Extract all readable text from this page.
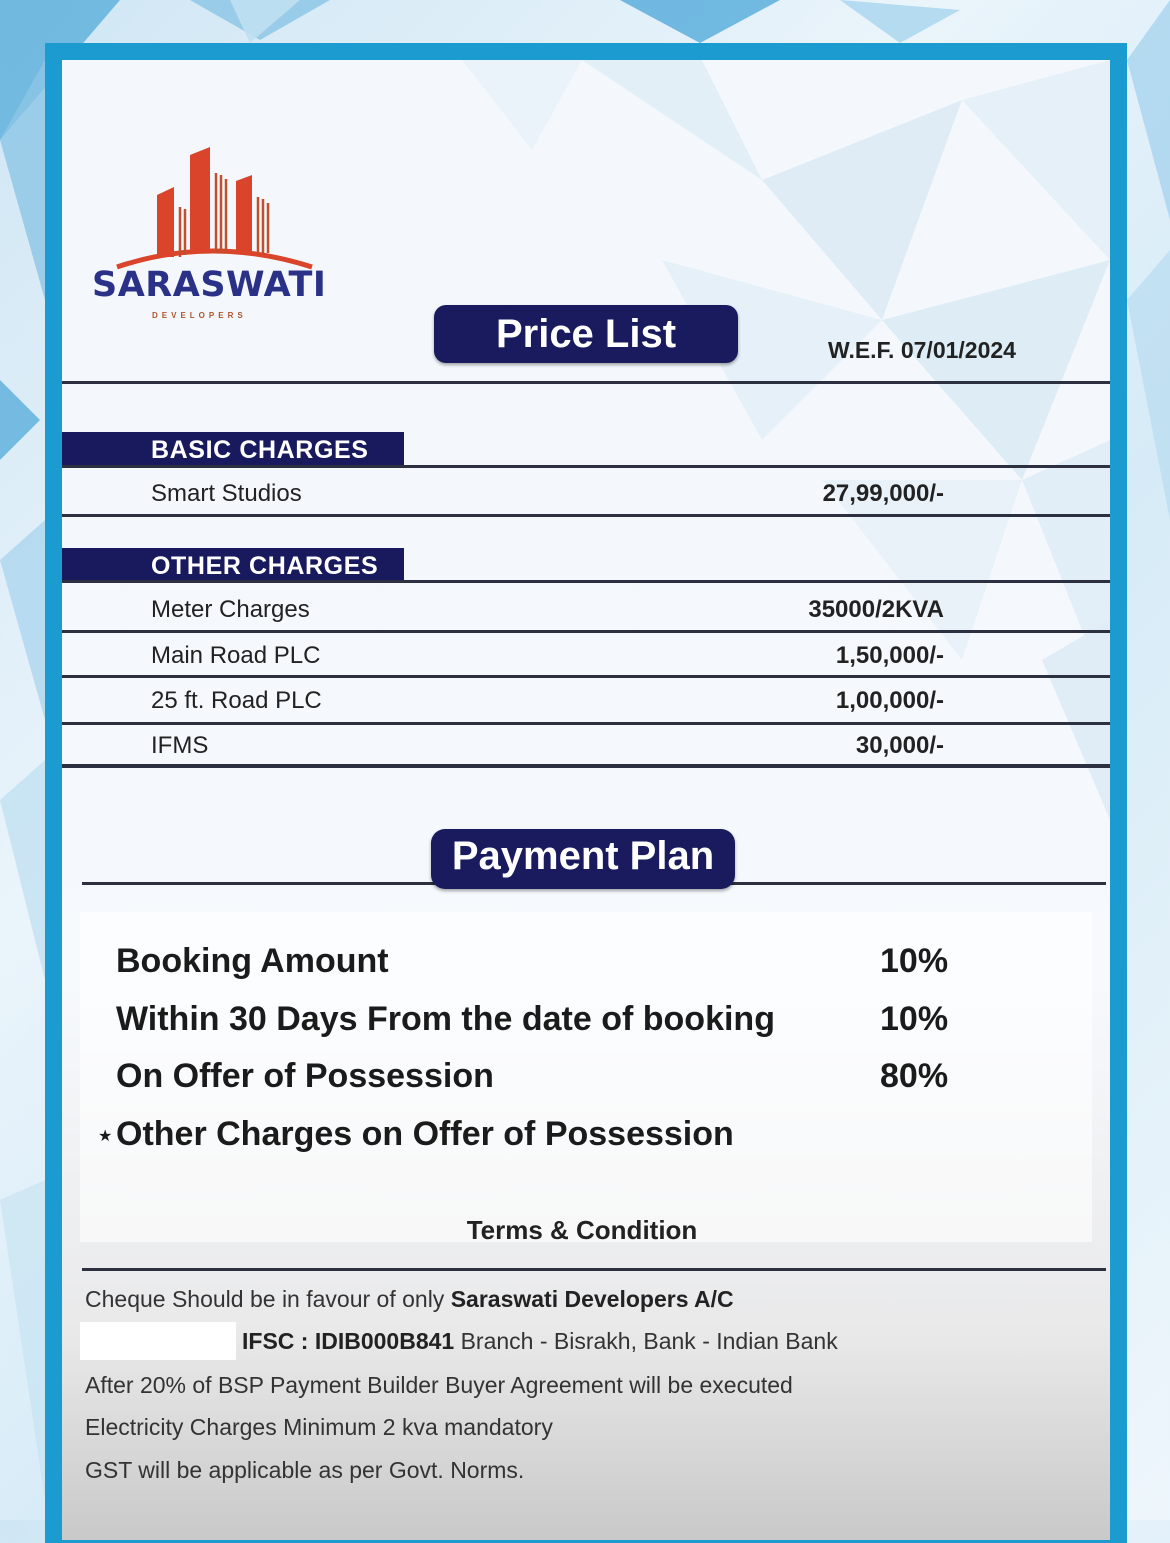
SARASWATI
DEVELOPERS	Price List	W.E.F. 07/01/2024
BASIC CHARGES
Smart Studios	27,99,000/-
OTHER CHARGES
Meter Charges	35000/2KVA
Main Road PLC	1,50,000/-
25 ft. Road PLC	1,00,000/-
IFMS	30,000/-
Payment Plan
Booking Amount	10%
Within 30 Days From the date of booking	10%
On Offer of Possession	80%
★ Other Charges on Offer of Possession
Terms & Condition
Cheque Should be in favour of only Saraswati Developers A/C
IFSC : IDIB000B841 Branch - Bisrakh, Bank - Indian Bank
After 20% of BSP Payment Builder Buyer Agreement will be executed
Electricity Charges Minimum 2 kva mandatory
GST will be applicable as per Govt. Norms.
